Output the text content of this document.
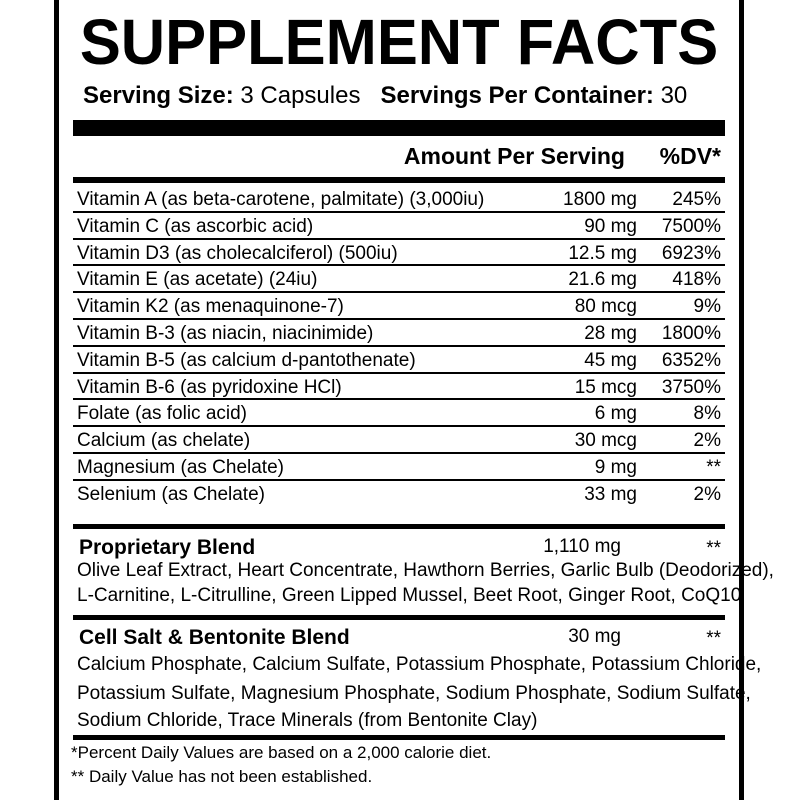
SUPPLEMENT FACTS
Serving Size: 3 Capsules Servings Per Container: 30
Amount Per Serving %DV*
Vitamin A (as beta-carotene, palmitate) (3,000iu)	1800 mg 245%
Vitamin C (as ascorbic acid)	90 mg 7500%
Vitamin D3 (as cholecalciferol) (500iu)	12.5 mg 6923%
Vitamin E (as acetate) (24iu)	21.6 mg 418%
Vitamin K2 (as menaquinone-7)	80 mcg	9%
Vitamin B-3 (as niacin, niacinimide)	28 mg 1800%
Vitamin B-5 (as calcium d-pantothenate)	45 mg 6352%
Vitamin B-6 (as pyridoxine HCl)	15 mcg 3750%
Folate (as folic acid)	6 mg	8%
Calcium (as chelate)	30 mcg	2%
Magnesium (as Chelate)	9 mg	**
Selenium (as Chelate)	33 mg	2%
Proprietary Blend	1,110 mg	**
Olive Leaf Extract, Heart Concentrate, Hawthorn Berries, Garlic Bulb (Deodorized),
L-Carnitine, L-Citrulline, Green Lipped Mussel, Beet Root, Ginger Root, CoQ10
Cell Salt & Bentonite Blend	30 mg	**
Calcium Phosphate, Calcium Sulfate, Potassium Phosphate, Potassium Chloride,
Potassium Sulfate, Magnesium Phosphate, Sodium Phosphate, Sodium Sulfate,
Sodium Chloride, Trace Minerals (from Bentonite Clay)
*Percent Daily Values are based on a 2,000 calorie diet.
** Daily Value has not been established.
